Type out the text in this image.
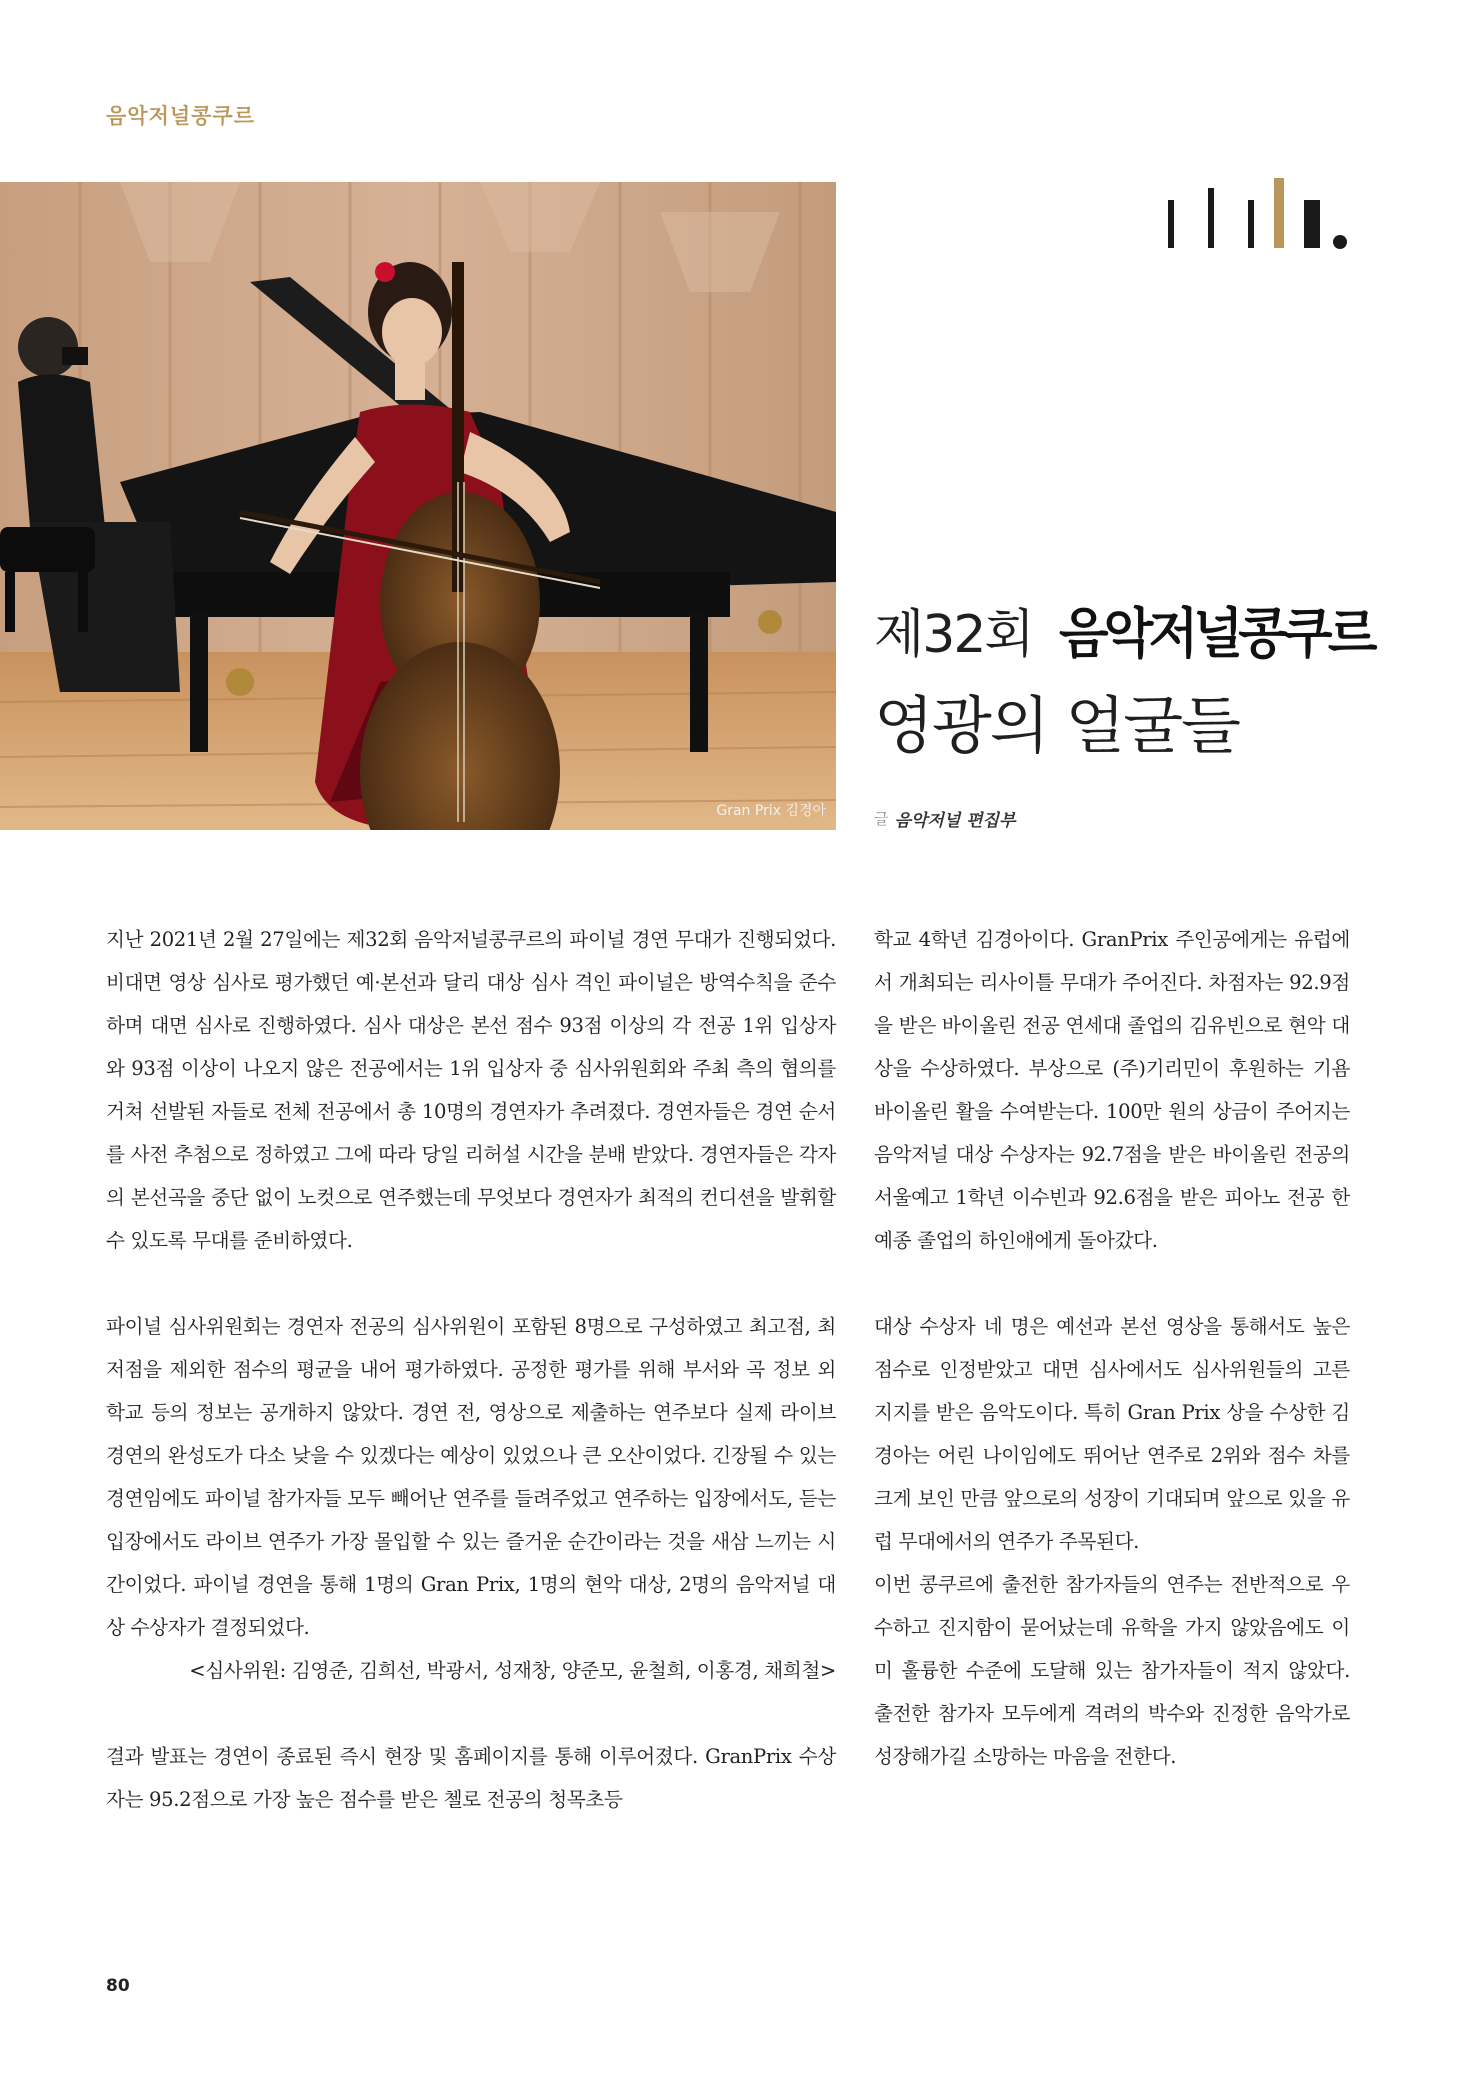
음악저널콩쿠르
Gran Prix 김경아
제32회 음악저널콩쿠르
영광의 얼굴들
글 음악저널 편집부

지난 2021년 2월 27일에는 제32회 음악저널콩쿠르의 파이널 경연 무대가 진행되었다. 비대면 영상 심사로 평가했던 예·본선과 달리 대상 심사 격인 파이널은 방역수칙을 준수하며 대면 심사로 진행하였다. 심사 대상은 본선 점수 93점 이상의 각 전공 1위 입상자와 93점 이상이 나오지 않은 전공에서는 1위 입상자 중 심사위원회와 주최 측의 협의를 거쳐 선발된 자들로 전체 전공에서 총 10명의 경연자가 추려졌다. 경연자들은 경연 순서를 사전 추첨으로 정하였고 그에 따라 당일 리허설 시간을 분배 받았다. 경연자들은 각자의 본선곡을 중단 없이 노컷으로 연주했는데 무엇보다 경연자가 최적의 컨디션을 발휘할 수 있도록 무대를 준비하였다.

파이널 심사위원회는 경연자 전공의 심사위원이 포함된 8명으로 구성하였고 최고점, 최저점을 제외한 점수의 평균을 내어 평가하였다. 공정한 평가를 위해 부서와 곡 정보 외 학교 등의 정보는 공개하지 않았다. 경연 전, 영상으로 제출하는 연주보다 실제 라이브 경연의 완성도가 다소 낮을 수 있겠다는 예상이 있었으나 큰 오산이었다. 긴장될 수 있는 경연임에도 파이널 참가자들 모두 빼어난 연주를 들려주었고 연주하는 입장에서도, 듣는 입장에서도 라이브 연주가 가장 몰입할 수 있는 즐거운 순간이라는 것을 새삼 느끼는 시간이었다. 파이널 경연을 통해 1명의 Gran Prix, 1명의 현악 대상, 2명의 음악저널 대상 수상자가 결정되었다.

<심사위원: 김영준, 김희선, 박광서, 성재창, 양준모, 윤철희, 이홍경, 채희철>

결과 발표는 경연이 종료된 즉시 현장 및 홈페이지를 통해 이루어졌다. GranPrix 수상자는 95.2점으로 가장 높은 점수를 받은 첼로 전공의 청목초등

학교 4학년 김경아이다. GranPrix 주인공에게는 유럽에서 개최되는 리사이틀 무대가 주어진다. 차점자는 92.9점을 받은 바이올린 전공 연세대 졸업의 김유빈으로 현악 대상을 수상하였다. 부상으로 (주)기리민이 후원하는 기욤 바이올린 활을 수여받는다. 100만 원의 상금이 주어지는 음악저널 대상 수상자는 92.7점을 받은 바이올린 전공의 서울예고 1학년 이수빈과 92.6점을 받은 피아노 전공 한예종 졸업의 하인애에게 돌아갔다.

대상 수상자 네 명은 예선과 본선 영상을 통해서도 높은 점수로 인정받았고 대면 심사에서도 심사위원들의 고른 지지를 받은 음악도이다. 특히 Gran Prix 상을 수상한 김경아는 어린 나이임에도 뛰어난 연주로 2위와 점수 차를 크게 보인 만큼 앞으로의 성장이 기대되며 앞으로 있을 유럽 무대에서의 연주가 주목된다.

이번 콩쿠르에 출전한 참가자들의 연주는 전반적으로 우수하고 진지함이 묻어났는데 유학을 가지 않았음에도 이미 훌륭한 수준에 도달해 있는 참가자들이 적지 않았다. 출전한 참가자 모두에게 격려의 박수와 진정한 음악가로 성장해가길 소망하는 마음을 전한다.

80
